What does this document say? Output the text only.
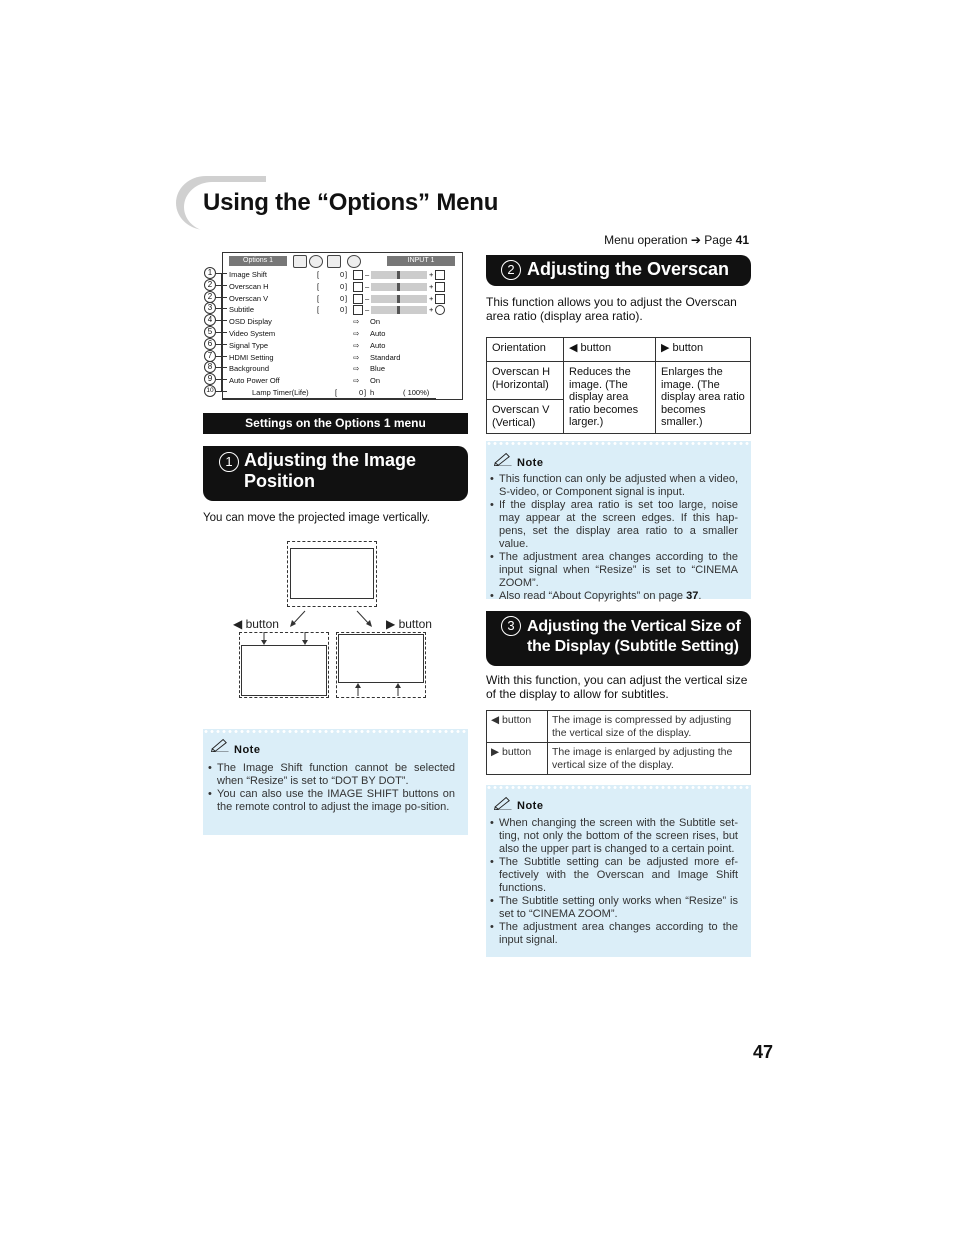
Using the “Options” Menu
Menu operation ➔ Page 41
1
2
2
3
4
5
6
7
8
9
10
Options 1	INPUT 1
Image Shift	[	0 ] –	+
Overscan H	[	0 ] –	+
Overscan V	[	0 ] –	+
Subtitle	[	0 ] –	+
OSD Display	⇨ On
Video System	⇨ Auto
Signal Type	⇨ Auto
HDMI Setting	⇨ Standard
Background	⇨ Blue
Auto Power Off	⇨ On
Lamp Timer(Life)	[	0 ] h	( 100%)
Settings on the Options 1 menu
1 Adjusting the Image
Position
You can move the projected image vertically.
◀ button	▶ button
Note
• The Image Shift function cannot be selected when “Resize” is set to “DOT BY DOT”.
• You can also use the IMAGE SHIFT buttons on the remote control to adjust the image po-sition.
2 Adjusting the Overscan
This function allows you to adjust the Overscan area ratio (display area ratio).
Orientation	◀ button	▶ button
Overscan H (Horizontal)	Reduces the image. (The display area ratio becomes larger.)	Enlarges the image. (The display area ratio becomes smaller.)
Overscan V (Vertical)		
Note
• This function can only be adjusted when a video, S-video, or Component signal is input.
• If the display area ratio is set too large, noise may appear at the screen edges. If this hap-pens, set the display area ratio to a smaller value.
• The adjustment area changes according to the input signal when “Resize” is set to “CINEMA ZOOM”.
• Also read “About Copyrights” on page 37.
3 Adjusting the Vertical Size of
the Display (Subtitle Setting)
With this function, you can adjust the vertical size of the display to allow for subtitles.
◀ button	The image is compressed by adjusting the vertical size of the display.
▶ button	The image is enlarged by adjusting the vertical size of the display.
Note
• When changing the screen with the Subtitle set-ting, not only the bottom of the screen rises, but also the upper part is changed to a certain point.
• The Subtitle setting can be adjusted more ef-fectively with the Overscan and Image Shift functions.
• The Subtitle setting only works when “Resize” is set to “CINEMA ZOOM”.
• The adjustment area changes according to the input signal.
47
